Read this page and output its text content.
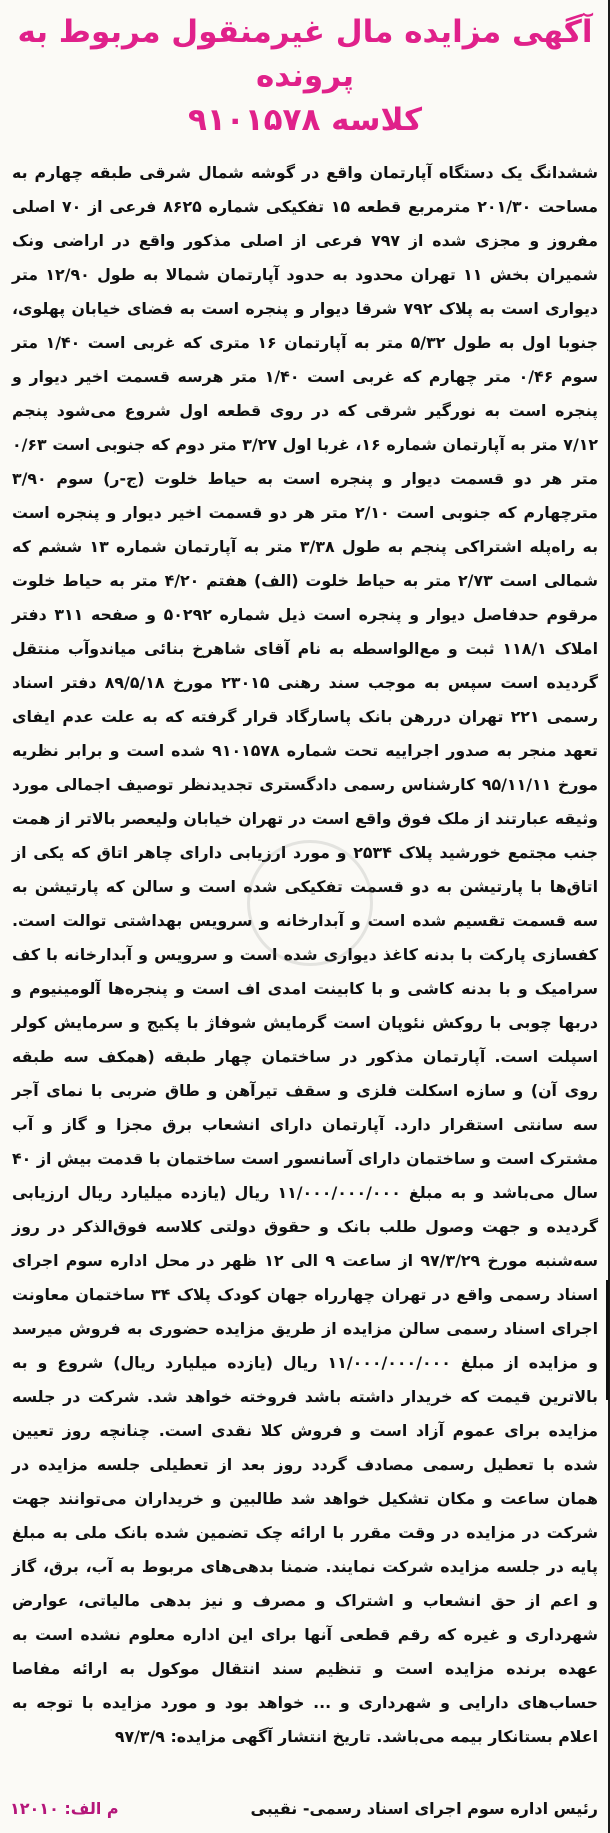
آگهی مزایده مال غیرمنقول مربوط به پرونده
کلاسه ۹۱۰۱۵۷۸
ششدانگ یک دستگاه آپارتمان واقع در گوشه شمال شرقی طبقه چهارم به مساحت ۲۰۱/۳۰ مترمربع قطعه ۱۵ تفکیکی شماره ۸۶۲۵ فرعی از ۷۰ اصلی مفروز و مجزی شده از ۷۹۷ فرعی از اصلی مذکور واقع در اراضی ونک شمیران بخش ۱۱ تهران محدود به حدود آپارتمان شمالا به طول ۱۲/۹۰ متر دیواری است به پلاک ۷۹۲ شرقا دیوار و پنجره است به فضای خیابان پهلوی، جنوبا اول به طول ۵/۳۲ متر به آپارتمان ۱۶ متری که غربی است ۱/۴۰ متر سوم ۰/۴۶ متر چهارم که غربی است ۱/۴۰ متر هرسه قسمت اخیر دیوار و پنجره است به نورگیر شرقی که در روی قطعه اول شروع می‌شود پنجم ۷/۱۲ متر به آپارتمان شماره ۱۶، غربا اول ۳/۲۷ متر دوم که جنوبی است ۰/۶۳ متر هر دو قسمت دیوار و پنجره است به حیاط خلوت (ج-ر) سوم ۳/۹۰ مترچهارم که جنوبی است ۲/۱۰ متر هر دو قسمت اخیر دیوار و پنجره است به راه‌پله اشتراکی پنجم به طول ۳/۳۸ متر به آپارتمان شماره ۱۳ ششم که شمالی است ۲/۷۳ متر به حیاط خلوت (الف) هفتم ۴/۲۰ متر به حیاط خلوت مرقوم حدفاصل دیوار و پنجره است ذیل شماره ۵۰۲۹۲ و صفحه ۳۱۱ دفتر املاک ۱۱۸/۱ ثبت و مع‌الواسطه به نام آقای شاهرخ بنائی میاندوآب منتقل گردیده است سپس به موجب سند رهنی ۲۳۰۱۵ مورخ ۸۹/۵/۱۸ دفتر اسناد رسمی ۲۲۱ تهران دررهن بانک پاسارگاد قرار گرفته که به علت عدم ایفای تعهد منجر به صدور اجراییه تحت شماره ۹۱۰۱۵۷۸ شده است و برابر نظریه مورخ ۹۵/۱۱/۱۱ کارشناس رسمی دادگستری تجدیدنظر توصیف اجمالی مورد وثیقه عبارتند از ملک فوق واقع است در تهران خیابان ولیعصر بالاتر از همت جنب مجتمع خورشید پلاک ۲۵۳۴ و مورد ارزیابی دارای چاهر اتاق که یکی از اتاق‌ها با پارتیشن به دو قسمت تفکیکی شده است و سالن که پارتیشن به سه قسمت تقسیم شده است و آبدارخانه و سرویس بهداشتی توالت است. کفسازی پارکت با بدنه کاغذ دیواری شده است و سرویس و آبدارخانه با کف سرامیک و با بدنه کاشی و با کابینت امدی اف است و پنجره‌ها آلومینیوم و دربها چوبی با روکش نئوپان است گرمایش شوفاژ با پکیج و سرمایش کولر اسپلت است. آپارتمان مذکور در ساختمان چهار طبقه (همکف سه طبقه روی آن) و سازه اسکلت فلزی و سقف تیرآهن و طاق ضربی با نمای آجر سه سانتی استقرار دارد. آپارتمان دارای انشعاب برق مجزا و گاز و آب مشترک است و ساختمان دارای آسانسور است ساختمان با قدمت بیش از ۴۰ سال می‌باشد و به مبلغ ۱۱/۰۰۰/۰۰۰/۰۰۰ ریال (یازده میلیارد ریال ارزیابی گردیده و جهت وصول طلب بانک و حقوق دولتی کلاسه فوق‌الذکر در روز سه‌شنبه مورخ ۹۷/۳/۲۹ از ساعت ۹ الی ۱۲ ظهر در محل اداره سوم اجرای اسناد رسمی واقع در تهران چهارراه جهان کودک پلاک ۳۴ ساختمان معاونت اجرای اسناد رسمی سالن مزایده از طریق مزایده حضوری به فروش میرسد و مزایده از مبلغ ۱۱/۰۰۰/۰۰۰/۰۰۰ ریال (یازده میلیارد ریال) شروع و به بالاترین قیمت که خریدار داشته باشد فروخته خواهد شد. شرکت در جلسه مزایده برای عموم آزاد است و فروش کلا نقدی است. چنانچه روز تعیین شده با تعطیل رسمی مصادف گردد روز بعد از تعطیلی جلسه مزایده در همان ساعت و مکان تشکیل خواهد شد طالبین و خریداران می‌توانند جهت شرکت در مزایده در وقت مقرر با ارائه چک تضمین شده بانک ملی به مبلغ پایه در جلسه مزایده شرکت نمایند. ضمنا بدهی‌های مربوط به آب، برق، گاز و اعم از حق انشعاب و اشتراک و مصرف و نیز بدهی مالیاتی، عوارض شهرداری و غیره که رقم قطعی آنها برای این اداره معلوم نشده است به عهده برنده مزایده است و تنظیم سند انتقال موکول به ارائه مفاصا حساب‌های دارایی و شهرداری و ... خواهد بود و مورد مزایده با توجه به اعلام بستانکار بیمه می‌باشد. تاریخ انتشار آگهی مزایده: ۹۷/۳/۹
رئیس اداره سوم اجرای اسناد رسمی- نقیبی
م الف: ۱۲۰۱۰
